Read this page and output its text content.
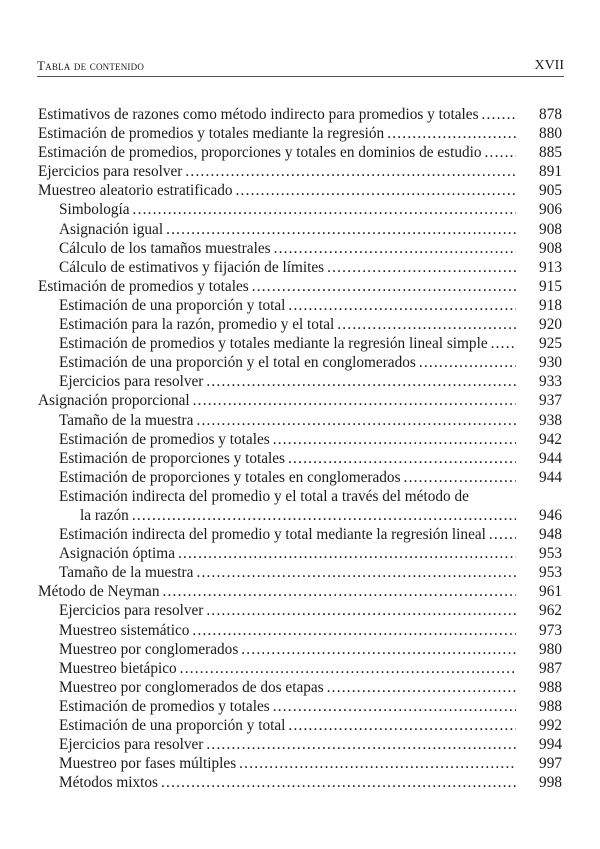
Tabla de contenido	XVII
Estimativos de razones como método indirecto para promedios y totales .....	878
Estimación de promedios y totales mediante la regresión .....	880
Estimación de promedios, proporciones y totales en dominios de estudio .....	885
Ejercicios para resolver .....	891
Muestreo aleatorio estratificado .....	905
Simbología .....	906
Asignación igual .....	908
Cálculo de los tamaños muestrales .....	908
Cálculo de estimativos y fijación de límites .....	913
Estimación de promedios y totales .....	915
Estimación de una proporción y total .....	918
Estimación para la razón, promedio y el total .....	920
Estimación de promedios y totales mediante la regresión lineal simple .....	925
Estimación de una proporción y el total en conglomerados .....	930
Ejercicios para resolver .....	933
Asignación proporcional .....	937
Tamaño de la muestra .....	938
Estimación de promedios y totales .....	942
Estimación de proporciones y totales .....	944
Estimación de proporciones y totales en conglomerados .....	944
Estimación indirecta del promedio y el total a través del método de
la razón .....	946
Estimación indirecta del promedio y total mediante la regresión lineal .....	948
Asignación óptima .....	953
Tamaño de la muestra .....	953
Método de Neyman .....	961
Ejercicios para resolver .....	962
Muestreo sistemático .....	973
Muestreo por conglomerados .....	980
Muestreo bietápico .....	987
Muestreo por conglomerados de dos etapas .....	988
Estimación de promedios y totales .....	988
Estimación de una proporción y total .....	992
Ejercicios para resolver .....	994
Muestreo por fases múltiples .....	997
Métodos mixtos .....	998
